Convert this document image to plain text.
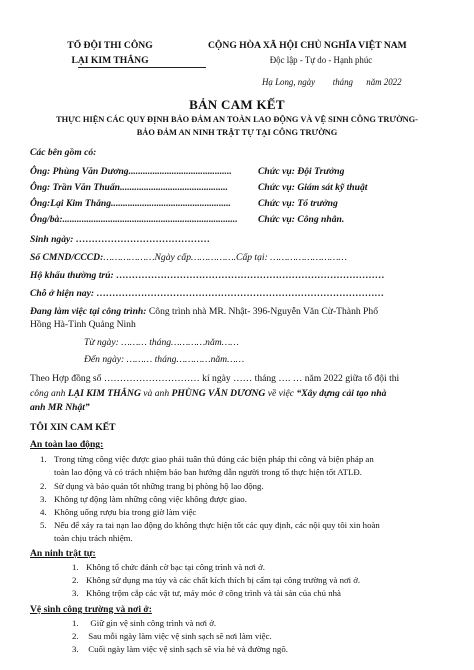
TỔ ĐỘI THI CÔNG
LẠI KIM THẮNG
CỘNG HÒA XÃ HỘI CHỦ NGHĨA VIỆT NAM
Độc lập - Tự do - Hạnh phúc
Hạ Long, ngày        tháng      năm 2022
BẢN CAM KẾT
THỰC HIỆN CÁC QUY ĐỊNH BẢO ĐẢM AN TOÀN LAO ĐỘNG VÀ VỆ SINH CÔNG TRƯỜNG-
BẢO ĐẢM AN NINH TRẬT TỰ TẠI CÔNG TRƯỜNG
Các bên gồm có:
Ông: Phùng Văn Dương...........................................	Chức vụ: Đội Trưởng
Ông: Trần Văn Thuấn.............................................	Chức vụ: Giám sát kỹ thuật
Ông:Lại Kim Thắng..................................................	Chức vụ: Tổ trưởng
Ông/bà:......................................................................... Chức vụ: Công nhân.
Sinh ngày: ……………………………………
Số CMND/CCCD:………………Ngày cấp…………….Cấp tại: ………………………
Hộ khẩu thường trú: …………………………………………………………………………
Chỗ ở hiện nay: ………………………………………………………………………………
Đang làm việc tại công trình: Công trình nhà MR. Nhật- 396-Nguyễn Văn Cừ-Thành Phố
Hồng Hà-Tỉnh Quảng Ninh
Từ ngày: ……… tháng…………năm……
Đến ngày: ……… tháng…………năm……
Theo Hợp đồng số ………………………… kí ngày …… tháng …. … năm 2022 giữa tổ đội thi
công anh LẠI KIM THẮNG và anh PHÙNG VĂN DƯƠNG về việc “Xây dựng cải tạo nhà
anh MR Nhật”
TÔI XIN CAM KẾT
An toàn lao động:
1. Trong từng công việc được giao phải tuân thủ đúng các biện pháp thi công và biện pháp an
toàn lao động và có trách nhiệm báo ban hướng dẫn người trong tổ thực hiện tốt ATLĐ.
2. Sử dụng và bảo quản tốt những trang bị phòng hộ lao động.
3. Không tự động làm những công việc không được giao.
4. Không uống rượu bia trong giờ làm việc
5. Nếu để xảy ra tai nạn lao động do không thực hiện tốt các quy định, các nội quy tôi xin hoàn
toàn chịu trách nhiệm.
An ninh trật tự:
1. Không tổ chức đánh cờ bạc tại công trình và nơi ở.
2. Không sử dụng ma túy và các chất kích thích bị cấm tại công trường và nơi ở.
3. Không trộm cắp các vật tư, máy móc ở công trình và tài sản của chủ nhà
Vệ sinh công trường và nơi ở:
1.  Giữ gìn vệ sinh công trình và nơi ở.
2. Sau mỗi ngày làm việc vệ sinh sạch sẽ nơi làm việc.
3. Cuối ngày làm việc vệ sinh sạch sẽ vỉa hè và đường ngõ.
